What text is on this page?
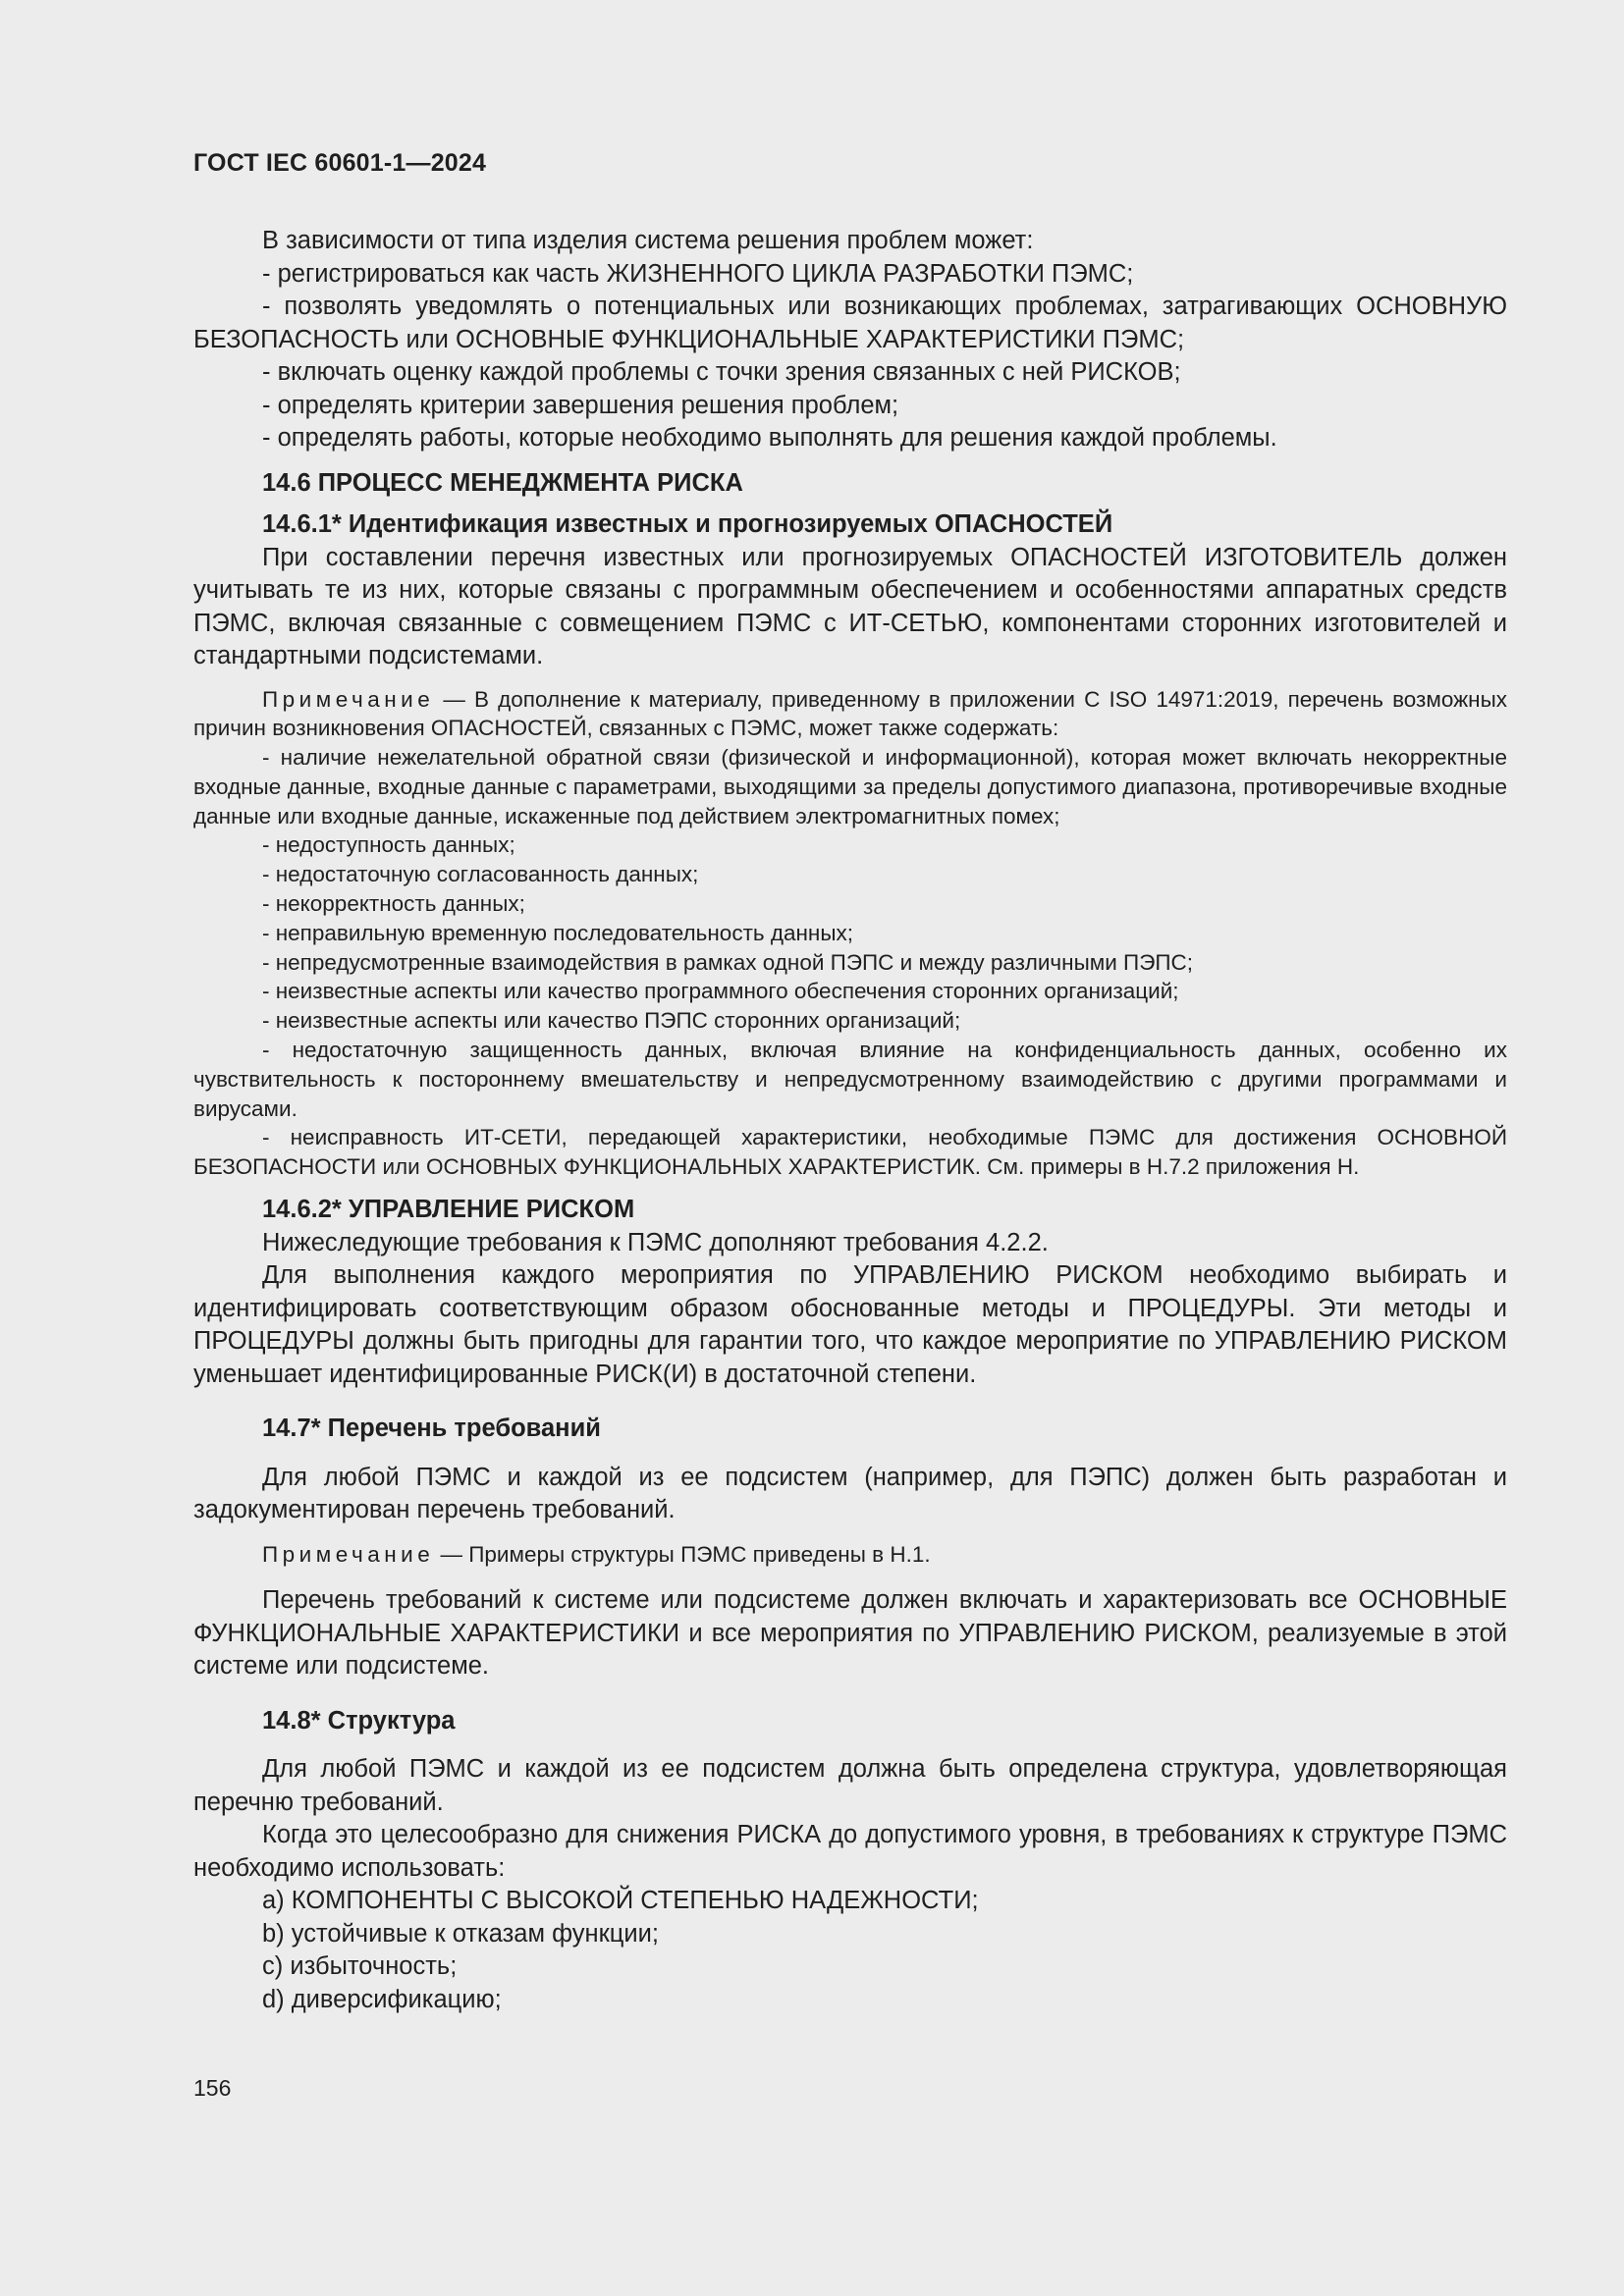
ГОСТ IEC 60601-1—2024

В зависимости от типа изделия система решения проблем может:

- регистрироваться как часть ЖИЗНЕННОГО ЦИКЛА РАЗРАБОТКИ ПЭМС;

- позволять уведомлять о потенциальных или возникающих проблемах, затрагивающих ОСНОВНУЮ БЕЗОПАСНОСТЬ или ОСНОВНЫЕ ФУНКЦИОНАЛЬНЫЕ ХАРАКТЕРИСТИКИ ПЭМС;

- включать оценку каждой проблемы с точки зрения связанных с ней РИСКОВ;

- определять критерии завершения решения проблем;

- определять работы, которые необходимо выполнять для решения каждой проблемы.

14.6 ПРОЦЕСС МЕНЕДЖМЕНТА РИСКА

14.6.1* Идентификация известных и прогнозируемых ОПАСНОСТЕЙ

При составлении перечня известных или прогнозируемых ОПАСНОСТЕЙ ИЗГОТОВИТЕЛЬ должен учитывать те из них, которые связаны с программным обеспечением и особенностями аппаратных средств ПЭМС, включая связанные с совмещением ПЭМС с ИТ-СЕТЬЮ, компонентами сторонних изготовителей и стандартными подсистемами.

Примечание — В дополнение к материалу, приведенному в приложении С ISO 14971:2019, перечень возможных причин возникновения ОПАСНОСТЕЙ, связанных с ПЭМС, может также содержать:

- наличие нежелательной обратной связи (физической и информационной), которая может включать некорректные входные данные, входные данные с параметрами, выходящими за пределы допустимого диапазона, противоречивые входные данные или входные данные, искаженные под действием электромагнитных помех;

- недоступность данных;

- недостаточную согласованность данных;

- некорректность данных;

- неправильную временную последовательность данных;

- непредусмотренные взаимодействия в рамках одной ПЭПС и между различными ПЭПС;

- неизвестные аспекты или качество программного обеспечения сторонних организаций;

- неизвестные аспекты или качество ПЭПС сторонних организаций;

- недостаточную защищенность данных, включая влияние на конфиденциальность данных, особенно их чувствительность к постороннему вмешательству и непредусмотренному взаимодействию с другими программами и вирусами.

- неисправность ИТ-СЕТИ, передающей характеристики, необходимые ПЭМС для достижения ОСНОВНОЙ БЕЗОПАСНОСТИ или ОСНОВНЫХ ФУНКЦИОНАЛЬНЫХ ХАРАКТЕРИСТИК. См. примеры в Н.7.2 приложения Н.

14.6.2* УПРАВЛЕНИЕ РИСКОМ

Нижеследующие требования к ПЭМС дополняют требования 4.2.2.

Для выполнения каждого мероприятия по УПРАВЛЕНИЮ РИСКОМ необходимо выбирать и идентифицировать соответствующим образом обоснованные методы и ПРОЦЕДУРЫ. Эти методы и ПРОЦЕДУРЫ должны быть пригодны для гарантии того, что каждое мероприятие по УПРАВЛЕНИЮ РИСКОМ уменьшает идентифицированные РИСК(И) в достаточной степени.

14.7* Перечень требований

Для любой ПЭМС и каждой из ее подсистем (например, для ПЭПС) должен быть разработан и задокументирован перечень требований.

Примечание — Примеры структуры ПЭМС приведены в Н.1.

Перечень требований к системе или подсистеме должен включать и характеризовать все ОСНОВНЫЕ ФУНКЦИОНАЛЬНЫЕ ХАРАКТЕРИСТИКИ и все мероприятия по УПРАВЛЕНИЮ РИСКОМ, реализуемые в этой системе или подсистеме.

14.8* Структура

Для любой ПЭМС и каждой из ее подсистем должна быть определена структура, удовлетворяющая перечню требований.

Когда это целесообразно для снижения РИСКА до допустимого уровня, в требованиях к структуре ПЭМС необходимо использовать:

а) КОМПОНЕНТЫ С ВЫСОКОЙ СТЕПЕНЬЮ НАДЕЖНОСТИ;

b) устойчивые к отказам функции;

с) избыточность;

d) диверсификацию;

156
